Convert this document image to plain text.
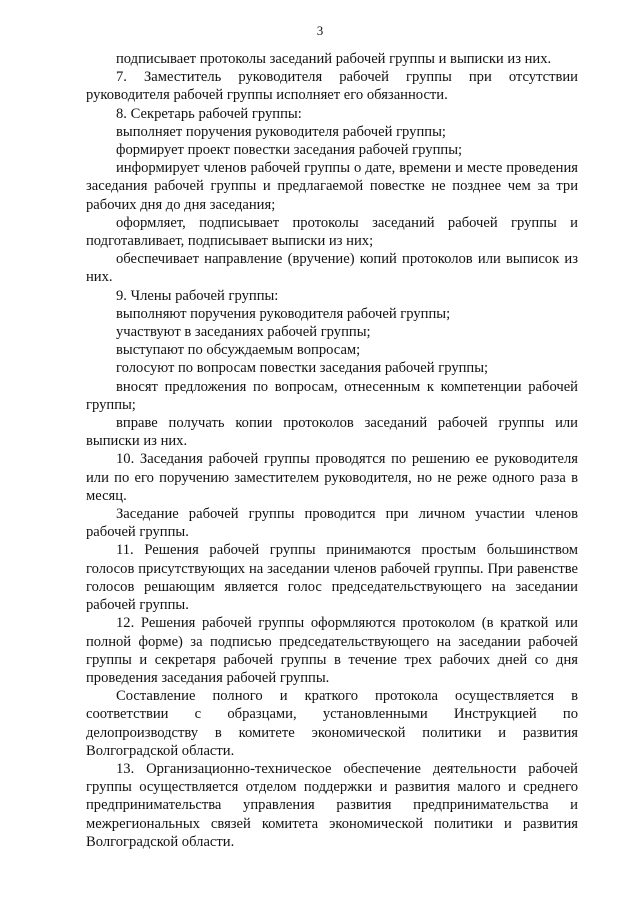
3

подписывает протоколы заседаний рабочей группы и выписки из них.

7. Заместитель руководителя рабочей группы при отсутствии руководителя рабочей группы исполняет его обязанности.

8. Секретарь рабочей группы:

выполняет поручения руководителя рабочей группы;

формирует проект повестки заседания рабочей группы;

информирует членов рабочей группы о дате, времени и месте проведения заседания рабочей группы и предлагаемой повестке не позднее чем за три рабочих дня до дня заседания;

оформляет, подписывает протоколы заседаний рабочей группы и подготавливает, подписывает выписки из них;

обеспечивает направление (вручение) копий протоколов или выписок из них.

9. Члены рабочей группы:

выполняют поручения руководителя рабочей группы;

участвуют в заседаниях рабочей группы;

выступают по обсуждаемым вопросам;

голосуют по вопросам повестки заседания рабочей группы;

вносят предложения по вопросам, отнесенным к компетенции рабочей группы;

вправе получать копии протоколов заседаний рабочей группы или выписки из них.

10. Заседания рабочей группы проводятся по решению ее руководителя или по его поручению заместителем руководителя, но не реже одного раза в месяц.

Заседание рабочей группы проводится при личном участии членов рабочей группы.

11. Решения рабочей группы принимаются простым большинством голосов присутствующих на заседании членов рабочей группы. При равенстве голосов решающим является голос председательствующего на заседании рабочей группы.

12. Решения рабочей группы оформляются протоколом (в краткой или полной форме) за подписью председательствующего на заседании рабочей группы и секретаря рабочей группы в течение трех рабочих дней со дня проведения заседания рабочей группы.

Составление полного и краткого протокола осуществляется в соответствии с образцами, установленными Инструкцией по делопроизводству в комитете экономической политики и развития Волгоградской области.

13. Организационно-техническое обеспечение деятельности рабочей группы осуществляется отделом поддержки и развития малого и среднего предпринимательства управления развития предпринимательства и межрегиональных связей комитета экономической политики и развития Волгоградской области.
